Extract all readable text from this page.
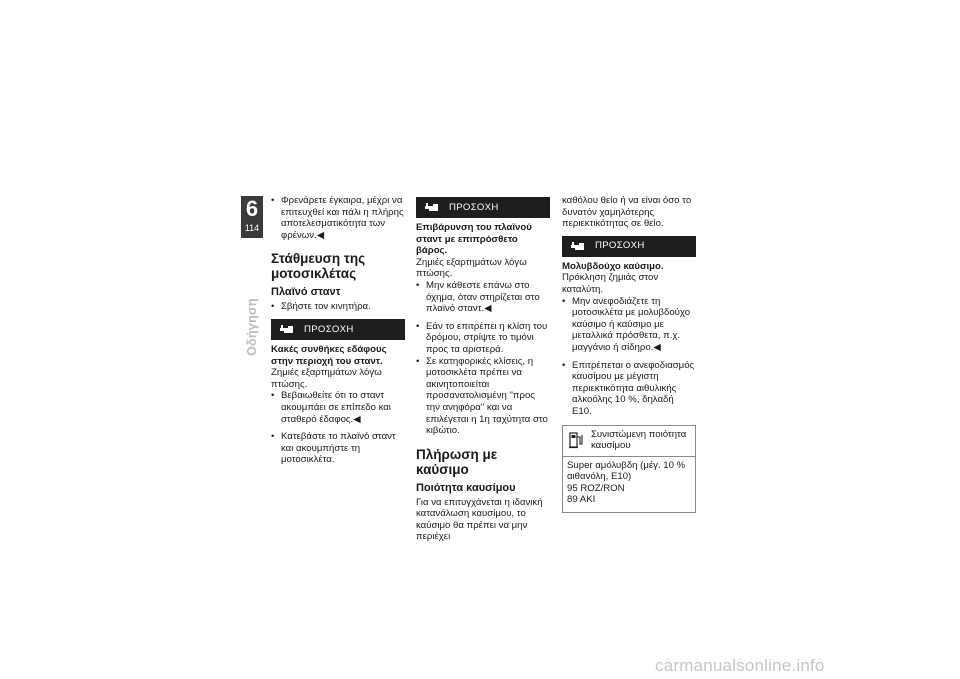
6
114
Οδήγηση
• Φρενάρετε έγκαιρα, μέχρι να επιτευχθεί και πάλι η πλήρης αποτελεσματικότητα των φρένων.◀
Στάθμευση της μοτοσικλέτας
Πλαϊνό σταντ
• Σβήστε τον κινητήρα.
ΠΡΟΣΟΧΗ
Κακές συνθήκες εδάφους στην περιοχή του σταντ.
Ζημιές εξαρτημάτων λόγω πτώσης.
• Βεβαιωθείτε ότι το σταντ ακουμπάει σε επίπεδο και σταθερό έδαφος.◀
• Κατεβάστε το πλαϊνό σταντ και ακουμπήστε τη μοτοσικλέτα.
ΠΡΟΣΟΧΗ
Επιβάρυνση του πλαϊνού σταντ με επιπρόσθετο βάρος.
Ζημιές εξαρτημάτων λόγω πτώσης.
• Μην κάθεστε επάνω στο όχημα, όταν στηρίζεται στο πλαϊνό σταντ.◀
• Εάν το επιτρέπει η κλίση του δρόμου, στρίψτε το τιμόνι προς τα αριστερά.
• Σε κατηφορικές κλίσεις, η μοτοσικλέτα πρέπει να ακινητοποιείται προσανατολισμένη "προς την ανηφόρα" και να επιλέγεται η 1η ταχύτητα στο κιβώτιο.
Πλήρωση με καύσιμο
Ποιότητα καυσίμου
Για να επιτυγχάνεται η ιδανική κατανάλωση καυσίμου, το καύσιμο θα πρέπει να μην περιέχει
καθόλου θείο ή να είναι όσο το δυνατόν χαμηλότερης περιεκτικότητας σε θείο.
ΠΡΟΣΟΧΗ
Μολυβδούχο καύσιμο.
Πρόκληση ζημιάς στον καταλύτη.
• Μην ανεφοδιάζετε τη μοτοσικλέτα με μολυβδούχο καύσιμο ή καύσιμο με μεταλλικά πρόσθετα, π.χ. μαγγάνιο ή σίδηρο.◀
• Επιτρέπεται ο ανεφοδιασμός καυσίμου με μέγιστη περιεκτικότητα αιθυλικής αλκοόλης 10 %, δηλαδή E10.
Συνιστώμενη ποιότητα καυσίμου
Super αμόλυβδη (μέγ. 10 % αιθανόλη, E10)
95 ROZ/RON
89 AKI
carmanualsonline.info
